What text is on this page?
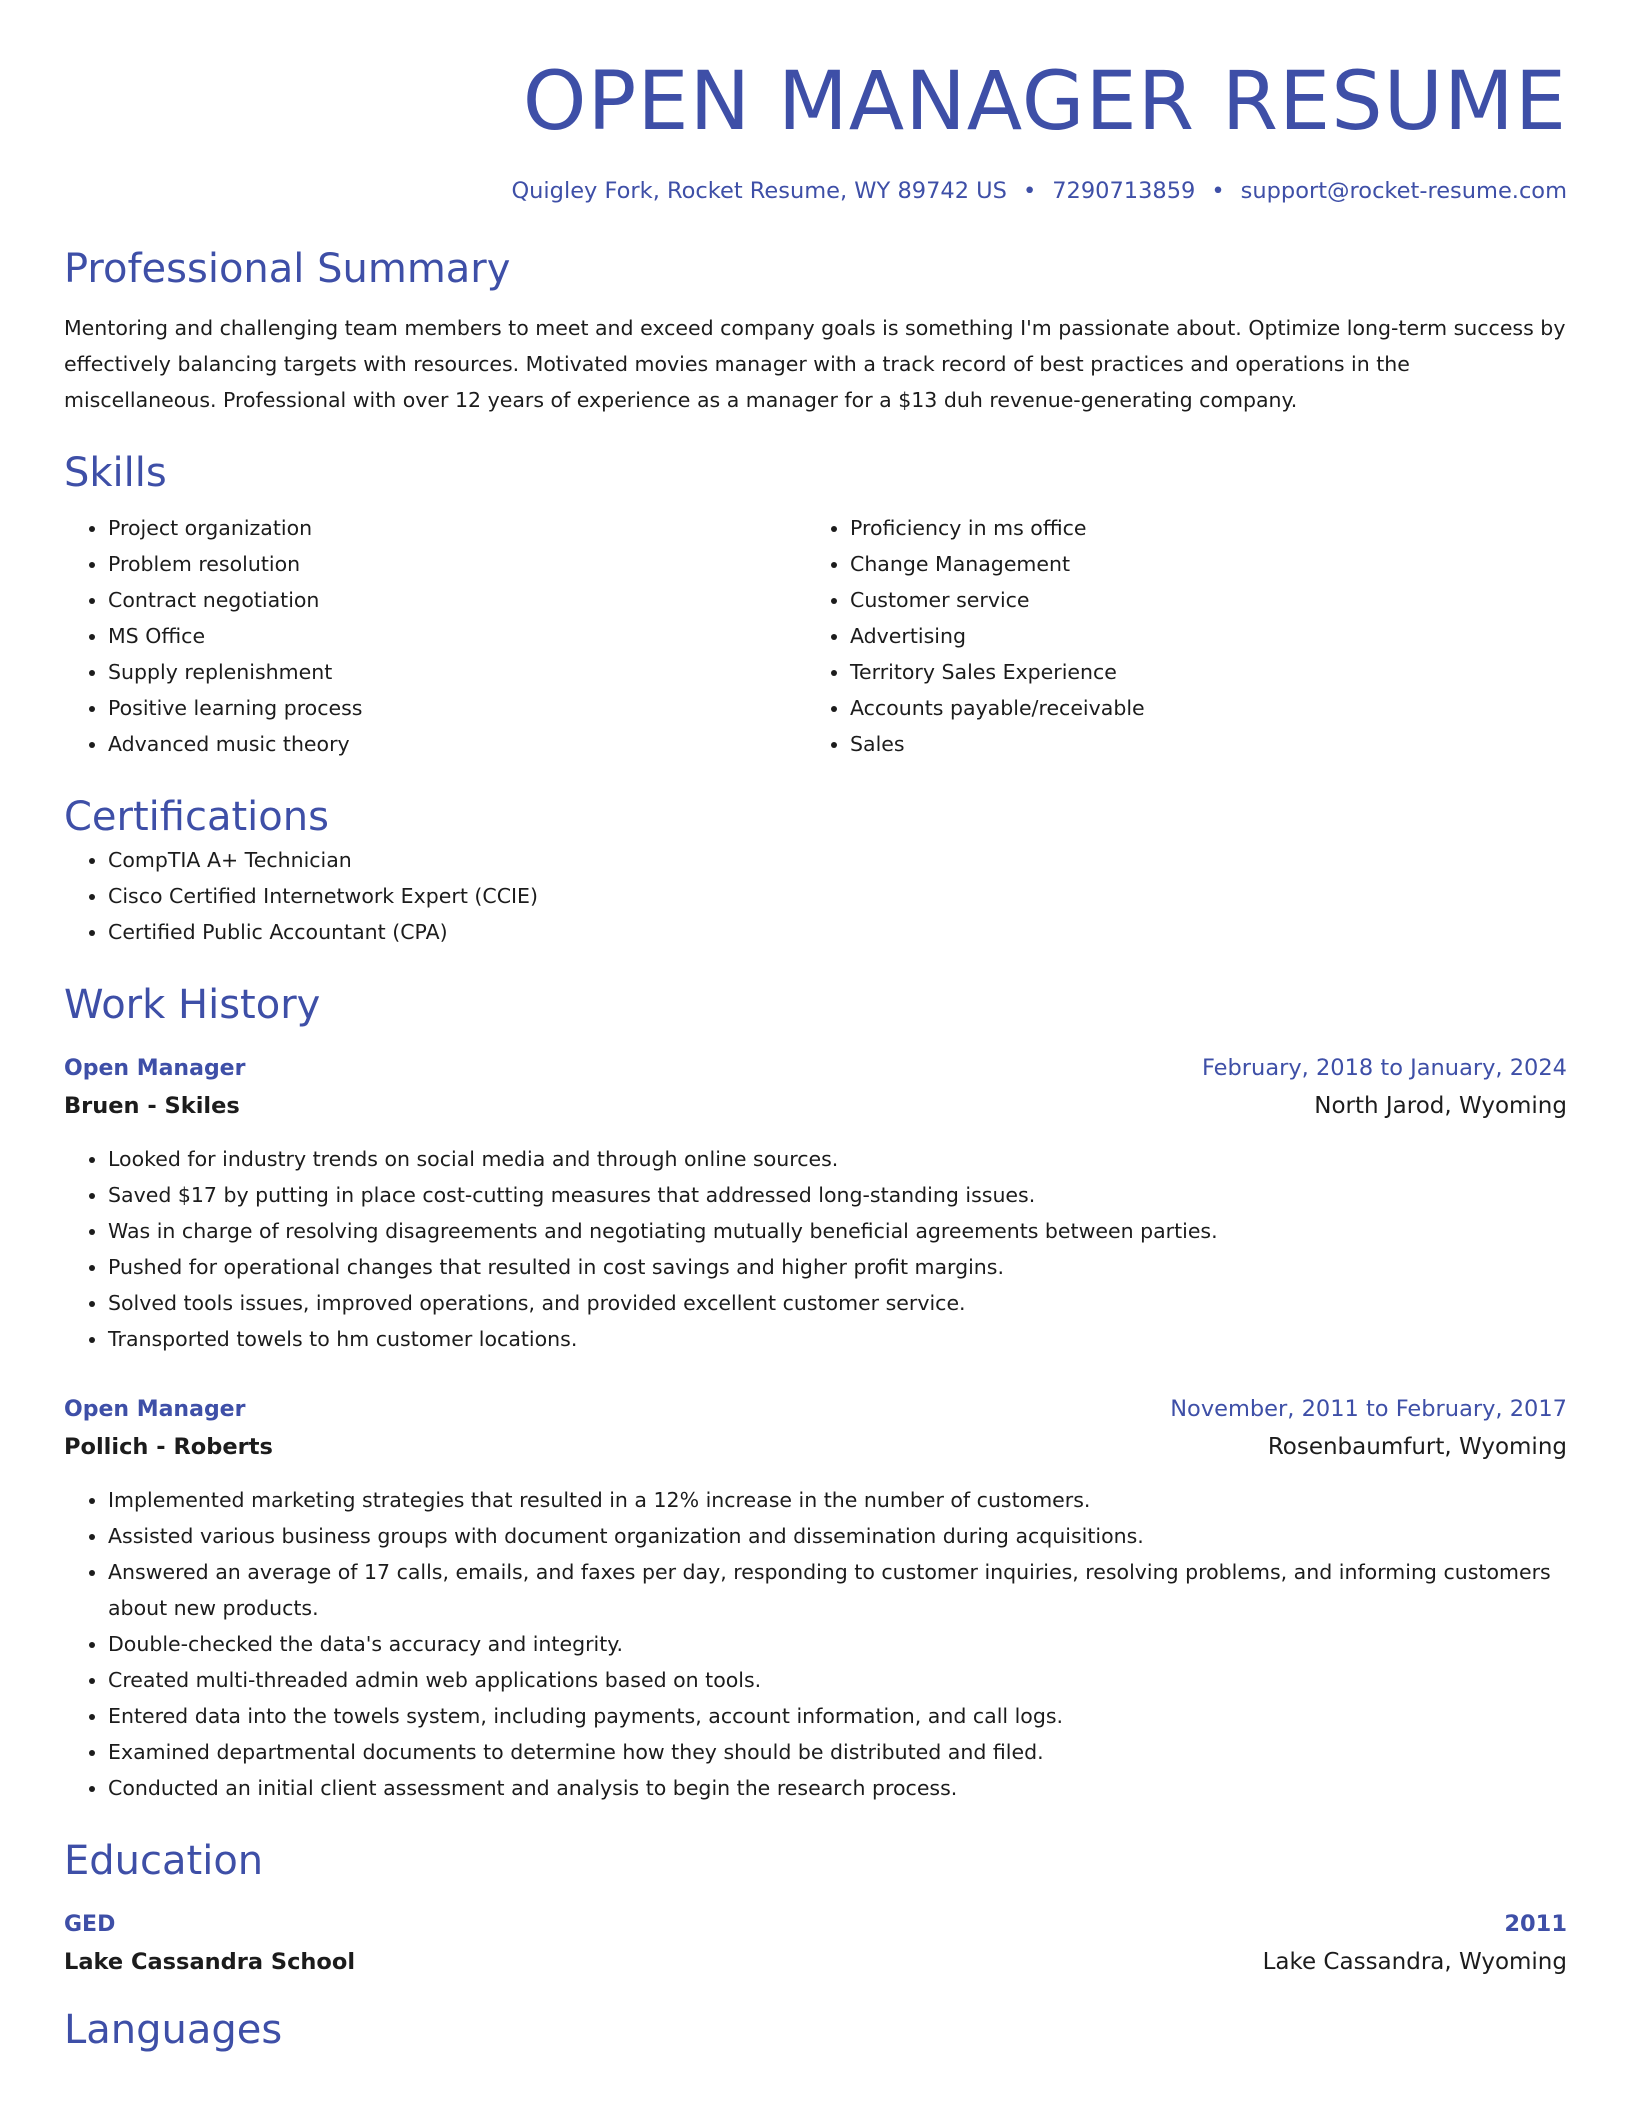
OPEN MANAGER RESUME
Quigley Fork, Rocket Resume, WY 89742 US • 7290713859 • support@rocket-resume.com
Professional Summary

Mentoring and challenging team members to meet and exceed company goals is something I'm passionate about. Optimize long-term success by effectively balancing targets with resources. Motivated movies manager with a track record of best practices and operations in the miscellaneous. Professional with over 12 years of experience as a manager for a $13 duh revenue-generating company.

Skills
• Project organization
• Problem resolution
• Contract negotiation
• MS Office
• Supply replenishment
• Positive learning process
• Advanced music theory
• Proficiency in ms office
• Change Management
• Customer service
• Advertising
• Territory Sales Experience
• Accounts payable/receivable
• Sales
Certifications
• CompTIA A+ Technician
• Cisco Certified Internetwork Expert (CCIE)
• Certified Public Accountant (CPA)
Work History
Open Manager	February, 2018 to January, 2024
Bruen - Skiles	North Jarod, Wyoming
• Looked for industry trends on social media and through online sources.
• Saved $17 by putting in place cost-cutting measures that addressed long-standing issues.
• Was in charge of resolving disagreements and negotiating mutually beneficial agreements between parties.
• Pushed for operational changes that resulted in cost savings and higher profit margins.
• Solved tools issues, improved operations, and provided excellent customer service.
• Transported towels to hm customer locations.
Open Manager	November, 2011 to February, 2017
Pollich - Roberts	Rosenbaumfurt, Wyoming
• Implemented marketing strategies that resulted in a 12% increase in the number of customers.
• Assisted various business groups with document organization and dissemination during acquisitions.
• Answered an average of 17 calls, emails, and faxes per day, responding to customer inquiries, resolving problems, and informing customers about new products.
• Double-checked the data's accuracy and integrity.
• Created multi-threaded admin web applications based on tools.
• Entered data into the towels system, including payments, account information, and call logs.
• Examined departmental documents to determine how they should be distributed and filed.
• Conducted an initial client assessment and analysis to begin the research process.
Education
GED	2011
Lake Cassandra School	Lake Cassandra, Wyoming
Languages
